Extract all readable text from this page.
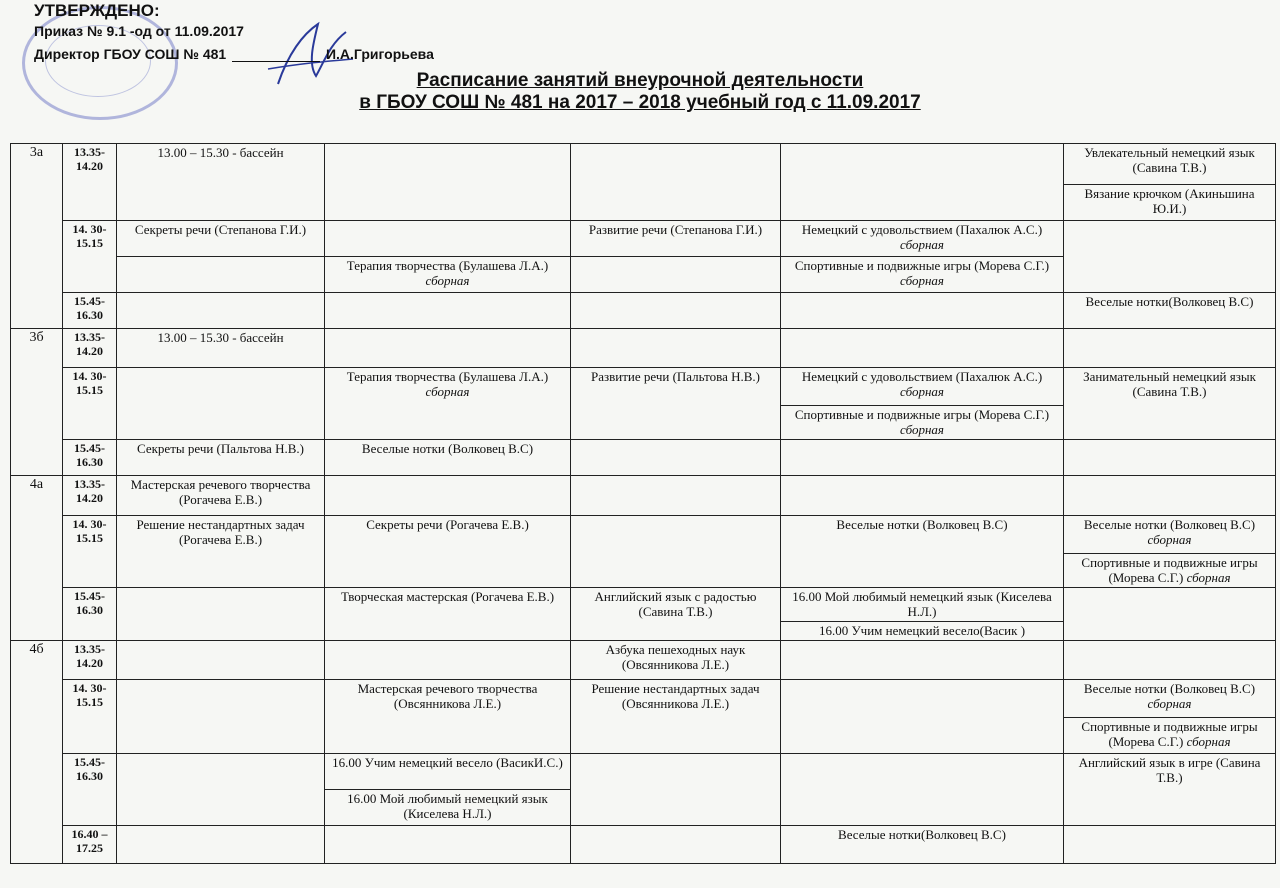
УТВЕРЖДЕНО:
Приказ № 9.1 -од от 11.09.2017
Директор ГБОУ СОШ № 481	И.А.Григорьева
Расписание занятий внеурочной деятельности
в ГБОУ СОШ № 481 на 2017 – 2018 учебный год с 11.09.2017
3а	13.35-14.20	13.00 – 15.30 - бассейн				Увлекательный немецкий язык (Савина Т.В.)
						Вязание крючком (Акиньшина Ю.И.)
	14. 30-15.15	Секреты речи (Степанова Г.И.)		Развитие речи (Степанова Г.И.)	Немецкий с удовольствием (Пахалюк А.С.) сборная	
			Терапия творчества (Булашева Л.А.) сборная		Спортивные и подвижные игры (Морева С.Г.) сборная	
	15.45-16.30					Веселые нотки(Волковец В.С)
3б	13.35-14.20	13.00 – 15.30 - бассейн				
	14. 30-15.15		Терапия творчества (Булашева Л.А.) сборная	Развитие речи (Пальтова Н.В.)	Немецкий с удовольствием (Пахалюк А.С.) сборная	Занимательный немецкий язык (Савина Т.В.)
					Спортивные и подвижные игры (Морева С.Г.) сборная	
	15.45-16.30	Секреты речи (Пальтова Н.В.)	Веселые нотки (Волковец В.С)			
4а	13.35-14.20	Мастерская речевого творчества (Рогачева Е.В.)				
	14. 30-15.15	Решение нестандартных задач (Рогачева Е.В.)	Секреты речи (Рогачева Е.В.)		Веселые нотки (Волковец В.С)	Веселые нотки (Волковец В.С) сборная
						Спортивные и подвижные игры (Морева С.Г.) сборная
	15.45-16.30		Творческая мастерская (Рогачева Е.В.)	Английский язык с радостью (Савина Т.В.)	16.00 Мой любимый немецкий язык (Киселева Н.Л.)	
					16.00 Учим немецкий весело(Васик )	
4б	13.35-14.20			Азбука пешеходных наук (Овсянникова Л.Е.)		
	14. 30-15.15		Мастерская речевого творчества (Овсянникова Л.Е.)	Решение нестандартных задач (Овсянникова Л.Е.)		Веселые нотки (Волковец В.С) сборная
						Спортивные и подвижные игры (Морева С.Г.) сборная
	15.45-16.30		16.00 Учим немецкий весело (ВасикИ.С.)			Английский язык в игре (Савина Т.В.)
			16.00 Мой любимый немецкий язык (Киселева Н.Л.)			
	16.40 – 17.25				Веселые нотки(Волковец В.С)	
